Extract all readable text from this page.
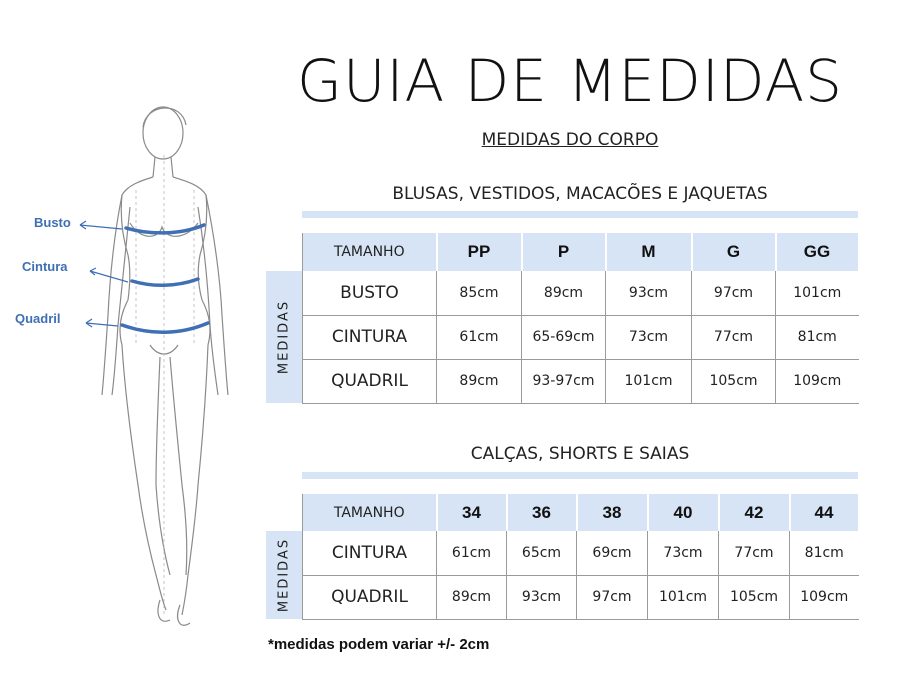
Busto
Cintura
Quadril
GUIA DE MEDIDAS
MEDIDAS DO CORPO
BLUSAS, VESTIDOS, MACACÕES E JAQUETAS
MEDIDAS
TAMANHO	PP	P	M	G	GG
BUSTO	85cm	89cm	93cm	97cm	101cm
CINTURA	61cm	65-69cm	73cm	77cm	81cm
QUADRIL	89cm	93-97cm	101cm	105cm	109cm
CALÇAS, SHORTS E SAIAS
MEDIDAS
TAMANHO	34	36	38	40	42	44
CINTURA	61cm	65cm	69cm	73cm	77cm	81cm
QUADRIL	89cm	93cm	97cm	101cm	105cm	109cm
*medidas podem variar +/- 2cm
